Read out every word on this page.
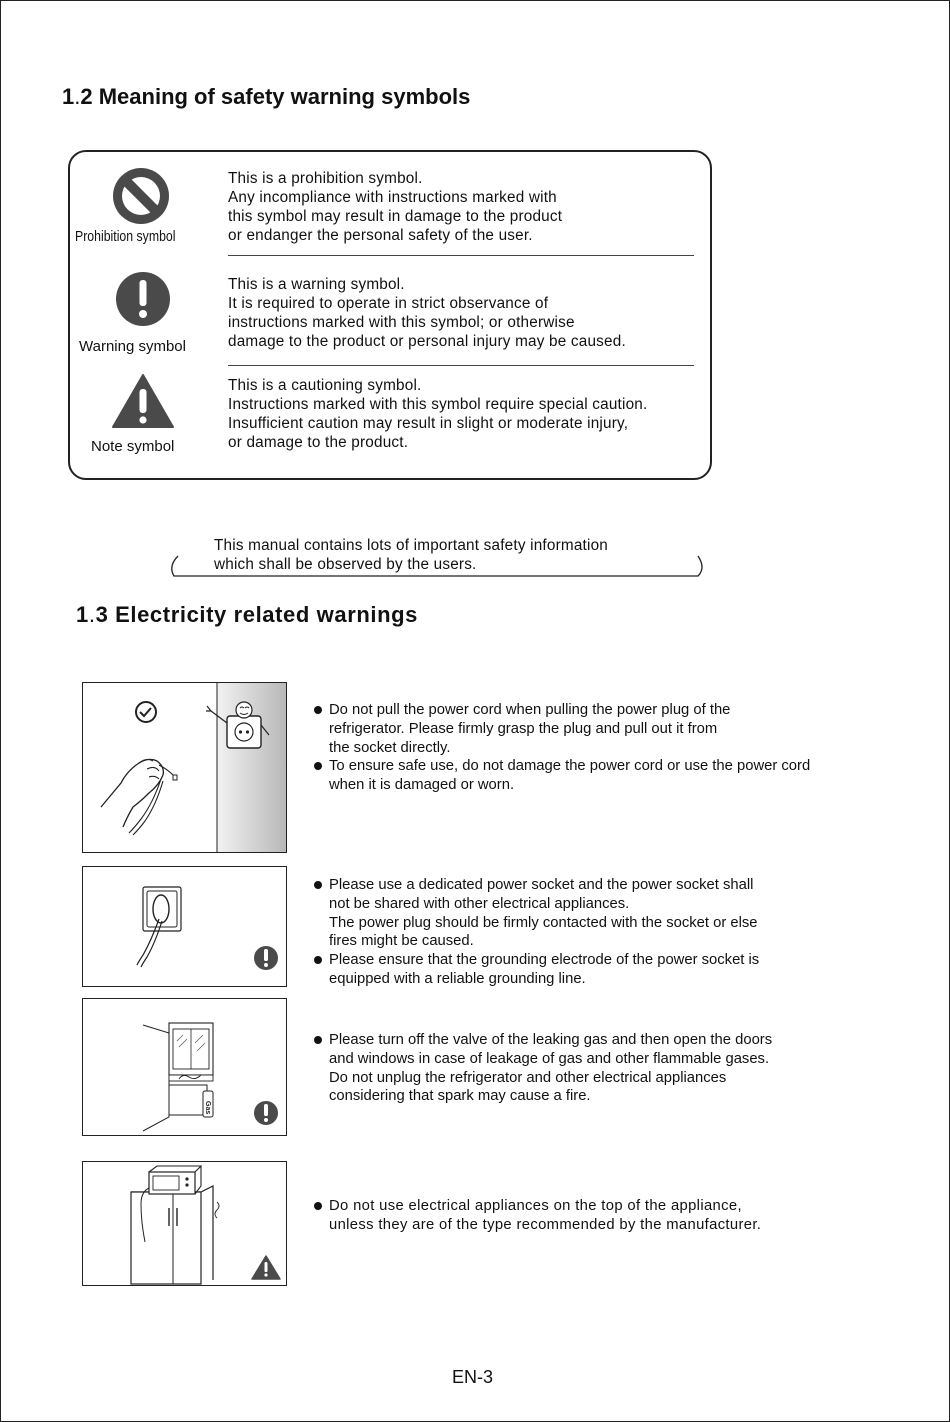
1.2 Meaning of safety warning symbols
Prohibition symbol
This is a prohibition symbol.
Any incompliance with instructions marked with
this symbol may result in damage to the product
or endanger the personal safety of the user.
Warning symbol
This is a warning symbol.
It is required to operate in strict observance of
instructions marked with this symbol; or otherwise
damage to the product or personal injury may be caused.
Note symbol
This is a cautioning symbol.
Instructions marked with this symbol require special caution.
Insufficient caution may result in slight or moderate injury,
or damage to the product.
This manual contains lots of important safety information
which shall be observed by the users.
1.3 Electricity related warnings
Do not pull the power cord when pulling the power plug of the
refrigerator. Please firmly grasp the plug and pull out it from
the socket directly.
To ensure safe use, do not damage the power cord or use the power cord
when it is damaged or worn.
Please use a dedicated power socket and the power socket shall
not be shared with other electrical appliances.
The power plug should be firmly contacted with the socket or else
fires might be caused.
Please ensure that the grounding electrode of the power socket is
equipped with a reliable grounding line.
Gas
Please turn off the valve of the leaking gas and then open the doors
and windows in case of leakage of gas and other flammable gases.
Do not unplug the refrigerator and other electrical appliances
considering that spark may cause a fire.
Do not use electrical appliances on the top of the appliance,
unless they are of the type recommended by the manufacturer.
EN-3
